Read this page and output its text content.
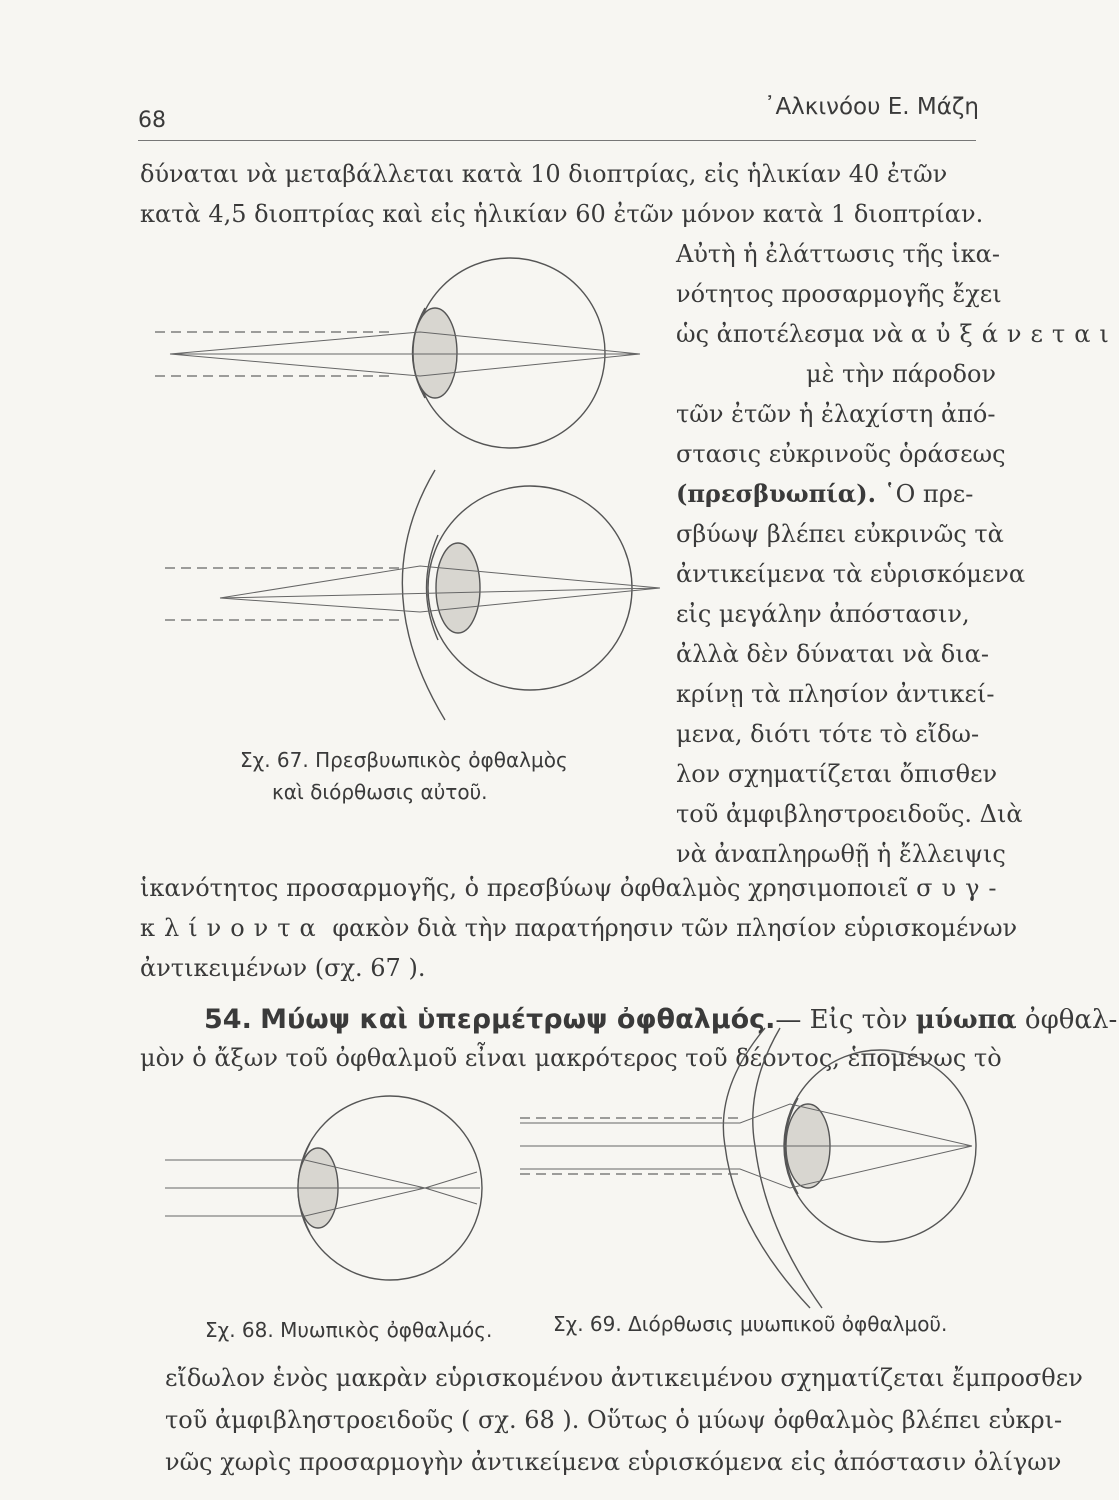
68
᾿Αλκινόου Ε. Μάζη
δύναται νὰ μεταβάλλεται κατὰ 10 διοπτρίας, εἰς ἡλικίαν 40 ἐτῶν
κατὰ 4,5 διοπτρίας καὶ εἰς ἡλικίαν 60 ἐτῶν μόνον κατὰ 1 διοπτρίαν.
Αὐτὴ ἡ ἐλάττωσις τῆς ἱκα-
νότητος προσαρμογῆς ἔχει
ὡς ἀποτέλεσμα νὰ αὐξάνεται
μὲ τὴν πάροδον
τῶν ἐτῶν ἡ ἐλαχίστη ἀπό-
στασις εὐκρινοῦς ὁράσεως
(πρεσβυωπία). ῾Ο πρε-
σβύωψ βλέπει εὐκρινῶς τὰ
ἀντικείμενα τὰ εὑρισκόμενα
εἰς μεγάλην ἀπόστασιν,
ἀλλὰ δὲν δύναται νὰ δια-
κρίνῃ τὰ πλησίον ἀντικεί-
μενα, διότι τότε τὸ εἴδω-
λον σχηματίζεται ὄπισθεν
τοῦ ἀμφιβληστροειδοῦς. Διὰ
νὰ ἀναπληρωθῇ ἡ ἔλλειψις
ἱκανότητος προσαρμογῆς, ὁ πρεσβύωψ ὀφθαλμὸς χρησιμοποιεῖ συγ-
κλίνοντα φακὸν διὰ τὴν παρατήρησιν τῶν πλησίον εὑρισκομένων
ἀντικειμένων (σχ. 67 ).
54. Μύωψ καὶ ὑπερμέτρωψ ὀφθαλμός.— Εἰς τὸν μύωπα ὀφθαλ-
μὸν ὁ ἄξων τοῦ ὀφθαλμοῦ εἶναι μακρότερος τοῦ δέοντος, ἑπομένως τὸ
Σχ. 67. Πρεσβυωπικὸς ὀφθαλμὸς
καὶ διόρθωσις αὐτοῦ.
Σχ. 68. Μυωπικὸς ὀφθαλμός.	Σχ. 69. Διόρθωσις μυωπικοῦ ὀφθαλμοῦ.
εἴδωλον ἑνὸς μακρὰν εὑρισκομένου ἀντικειμένου σχηματίζεται ἔμπροσθεν
τοῦ ἀμφιβληστροειδοῦς ( σχ. 68 ). Οὕτως ὁ μύωψ ὀφθαλμὸς βλέπει εὐκρι-
νῶς χωρὶς προσαρμογὴν ἀντικείμενα εὑρισκόμενα εἰς ἀπόστασιν ὀλίγων
